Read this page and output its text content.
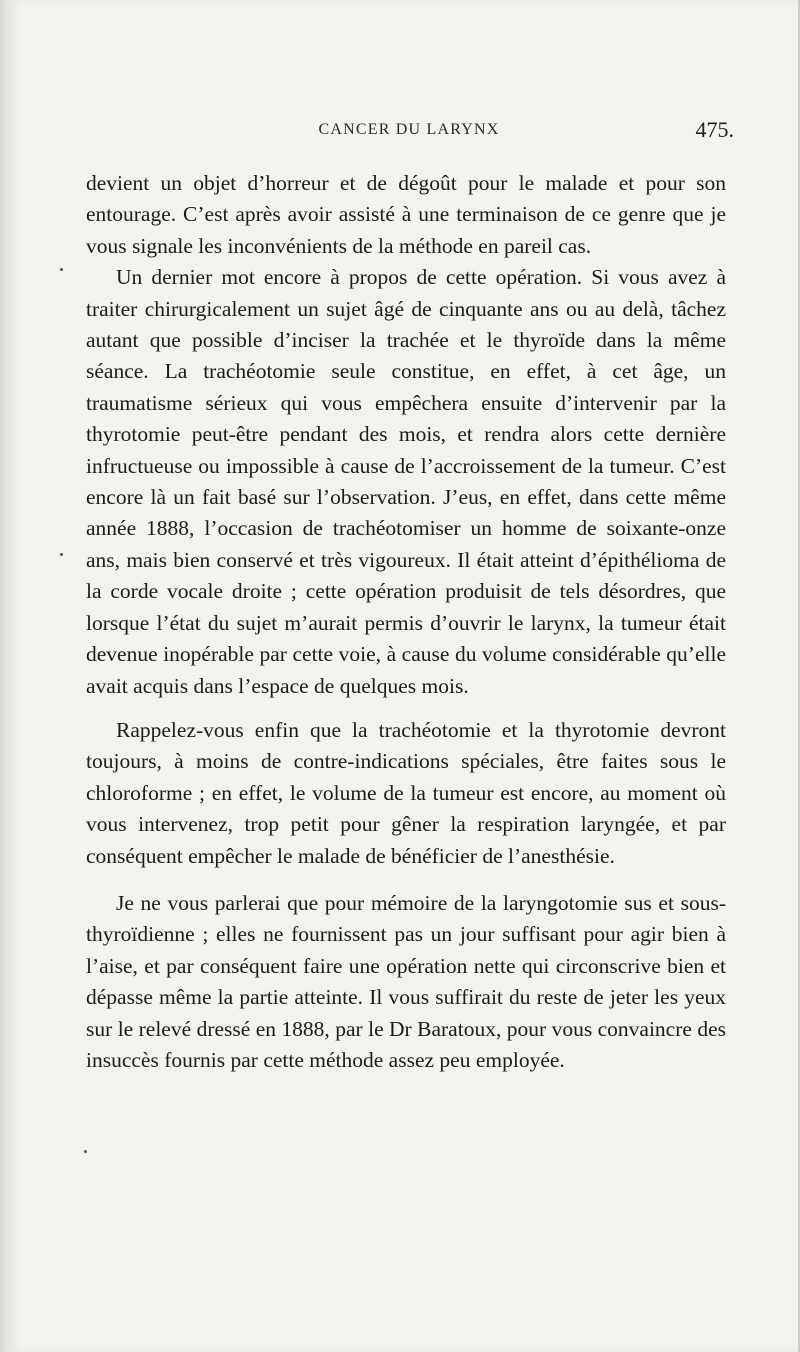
CANCER DU LARYNX	475.

devient un objet d’horreur et de dégoût pour le malade et pour son entourage. C’est après avoir assisté à une terminaison de ce genre que je vous signale les inconvénients de la méthode en pareil cas.

Un dernier mot encore à propos de cette opération. Si vous avez à traiter chirurgicalement un sujet âgé de cinquante ans ou au delà, tâchez autant que possible d’inciser la trachée et le thyroïde dans la même séance. La trachéotomie seule constitue, en effet, à cet âge, un traumatisme sérieux qui vous empêchera ensuite d’intervenir par la thyrotomie peut-être pendant des mois, et rendra alors cette dernière infructueuse ou impossible à cause de l’accroissement de la tumeur. C’est encore là un fait basé sur l’observation. J’eus, en effet, dans cette même année 1888, l’occasion de trachéotomiser un homme de soixante-onze ans, mais bien conservé et très vigoureux. Il était atteint d’épithélioma de la corde vocale droite ; cette opération produisit de tels désordres, que lorsque l’état du sujet m’aurait permis d’ouvrir le larynx, la tumeur était devenue inopérable par cette voie, à cause du volume considérable qu’elle avait acquis dans l’espace de quelques mois.

Rappelez-vous enfin que la trachéotomie et la thyrotomie devront toujours, à moins de contre-indications spéciales, être faites sous le chloroforme ; en effet, le volume de la tumeur est encore, au moment où vous intervenez, trop petit pour gêner la respiration laryngée, et par conséquent empêcher le malade de bénéficier de l’anesthésie.

Je ne vous parlerai que pour mémoire de la laryngotomie sus et sous-thyroïdienne ; elles ne fournissent pas un jour suffisant pour agir bien à l’aise, et par conséquent faire une opération nette qui circonscrive bien et dépasse même la partie atteinte. Il vous suffirait du reste de jeter les yeux sur le relevé dressé en 1888, par le Dr Baratoux, pour vous convaincre des insuccès fournis par cette méthode assez peu employée.
